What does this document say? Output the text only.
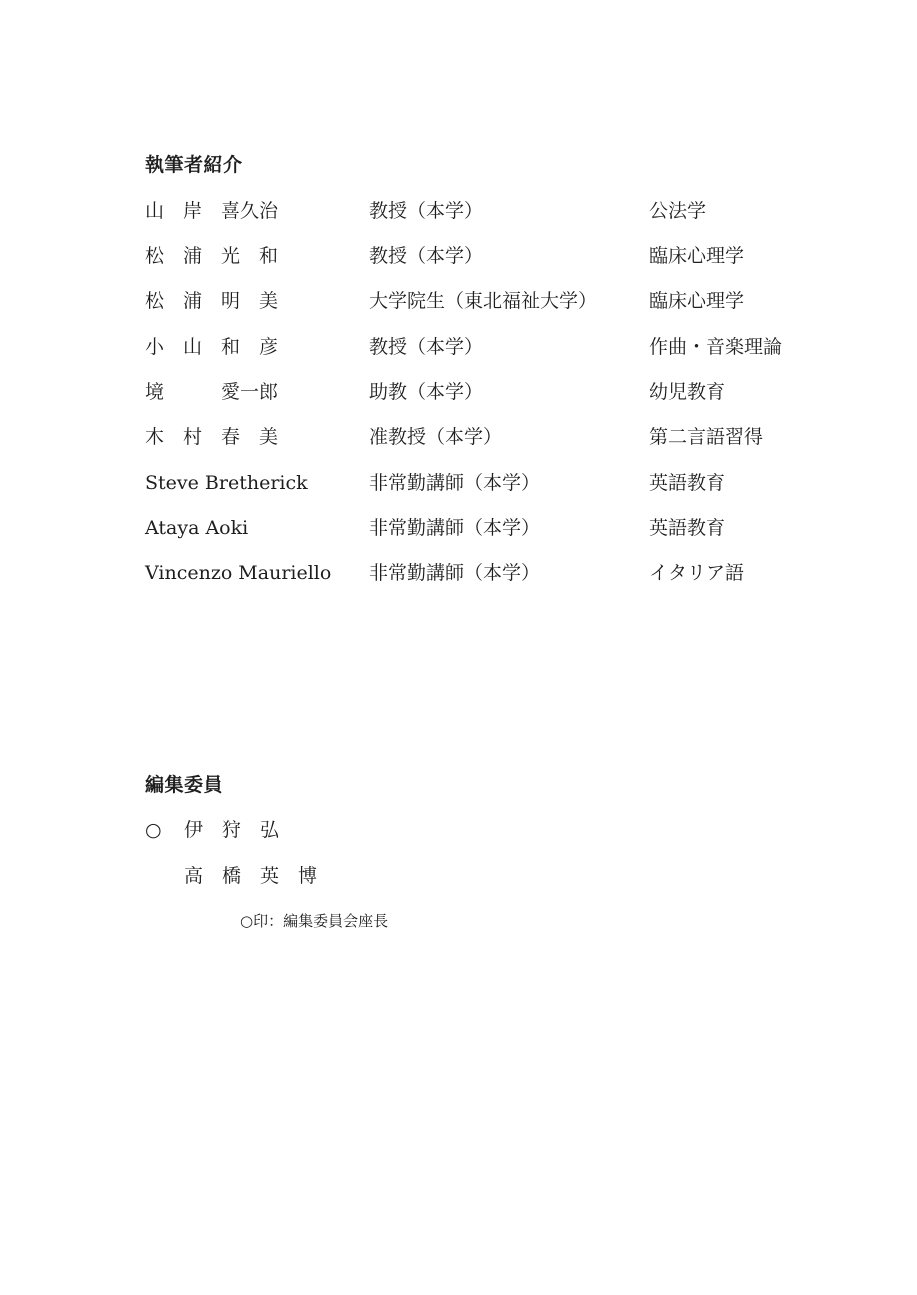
執筆者紹介
山　岸　喜久治	教授（本学）	公法学
松　浦　光　和	教授（本学）	臨床心理学
松　浦　明　美	大学院生（東北福祉大学）	臨床心理学
小　山　和　彦	教授（本学）	作曲・音楽理論
境　　　愛一郎	助教（本学）	幼児教育
木　村　春　美	准教授（本学）	第二言語習得
Steve Bretherick	非常勤講師（本学）	英語教育
Ataya Aoki	非常勤講師（本学）	英語教育
Vincenzo Mauriello 非常勤講師（本学）	イタリア語
編集委員
○ 伊　狩　弘
高　橋　英　博
○印：編集委員会座長
